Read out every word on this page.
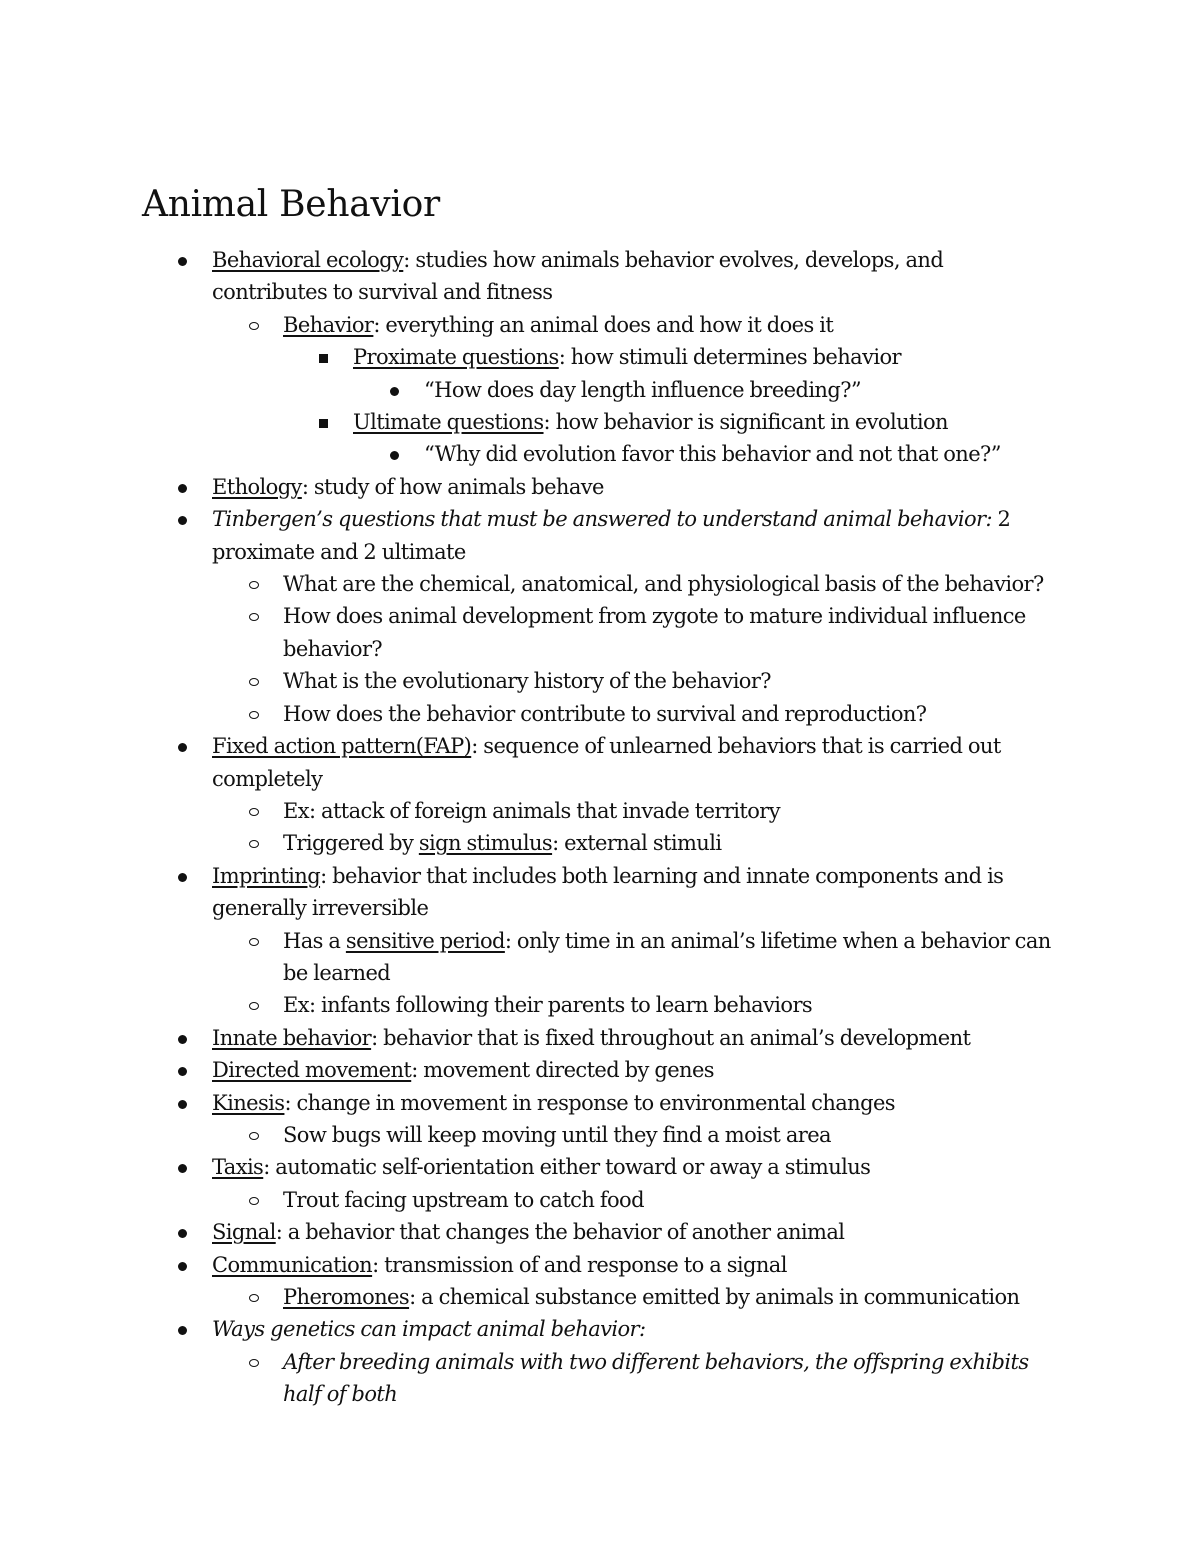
Animal Behavior
Behavioral ecology: studies how animals behavior evolves, develops, and contributes to survival and fitness
Behavior: everything an animal does and how it does it
Proximate questions: how stimuli determines behavior
“How does day length influence breeding?”
Ultimate questions: how behavior is significant in evolution
“Why did evolution favor this behavior and not that one?”
Ethology: study of how animals behave
Tinbergen’s questions that must be answered to understand animal behavior: 2 proximate and 2 ultimate
What are the chemical, anatomical, and physiological basis of the behavior?
How does animal development from zygote to mature individual influence behavior?
What is the evolutionary history of the behavior?
How does the behavior contribute to survival and reproduction?
Fixed action pattern(FAP): sequence of unlearned behaviors that is carried out completely
Ex: attack of foreign animals that invade territory
Triggered by sign stimulus: external stimuli
Imprinting: behavior that includes both learning and innate components and is generally irreversible
Has a sensitive period: only time in an animal’s lifetime when a behavior can be learned
Ex: infants following their parents to learn behaviors
Innate behavior: behavior that is fixed throughout an animal’s development
Directed movement: movement directed by genes
Kinesis: change in movement in response to environmental changes
Sow bugs will keep moving until they find a moist area
Taxis: automatic self-orientation either toward or away a stimulus
Trout facing upstream to catch food
Signal: a behavior that changes the behavior of another animal
Communication: transmission of and response to a signal
Pheromones: a chemical substance emitted by animals in communication
Ways genetics can impact animal behavior:
After breeding animals with two different behaviors, the offspring exhibits half of both
